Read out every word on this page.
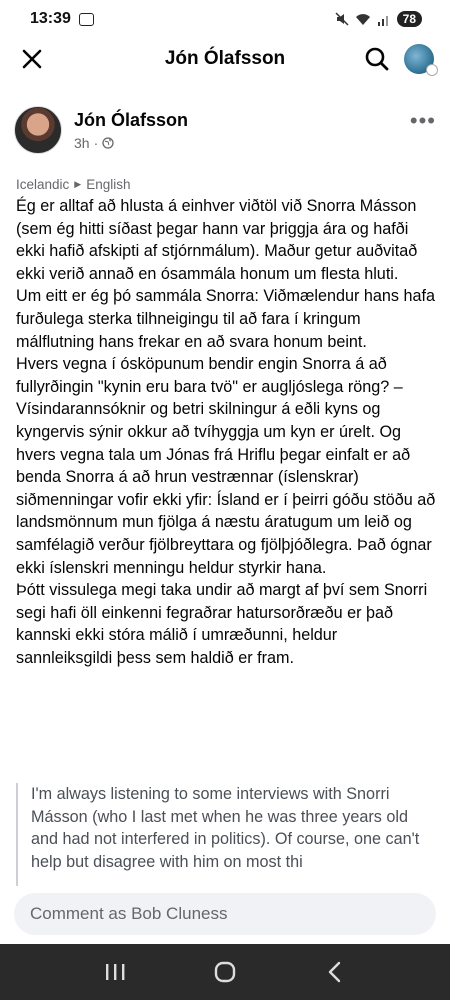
13:39	78
Jón Ólafsson
Jón Ólafsson
3h ·
•••
Icelandic ▶ English

Ég er alltaf að hlusta á einhver viðtöl við Snorra Másson (sem ég hitti síðast þegar hann var þriggja ára og hafði ekki hafið afskipti af stjórnmálum). Maður getur auðvitað ekki verið annað en ósammála honum um flesta hluti.

Um eitt er ég þó sammála Snorra: Viðmælendur hans hafa furðulega sterka tilhneigingu til að fara í kringum málflutning hans frekar en að svara honum beint.

Hvers vegna í ósköpunum bendir engin Snorra á að fullyrðingin "kynin eru bara tvö" er augljóslega röng? – Vísindarannsóknir og betri skilningur á eðli kyns og kyngervis sýnir okkur að tvíhyggja um kyn er úrelt. Og hvers vegna tala um Jónas frá Hriflu þegar einfalt er að benda Snorra á að hrun vestrænnar (íslenskrar) siðmenningar vofir ekki yfir: Ísland er í þeirri góðu stöðu að landsmönnum mun fjölga á næstu áratugum um leið og samfélagið verður fjölbreyttara og fjölþjóðlegra. Það ógnar ekki íslenskri menningu heldur styrkir hana.

Þótt vissulega megi taka undir að margt af því sem Snorri segi hafi öll einkenni fegraðrar hatursorðræðu er það kannski ekki stóra málið í umræðunni, heldur sannleiksgildi þess sem haldið er fram.

I'm always listening to some interviews with Snorri Másson (who I last met when he was three years old and had not interfered in politics). Of course, one can't help but disagree with him on most thi
Comment as Bob Cluness
